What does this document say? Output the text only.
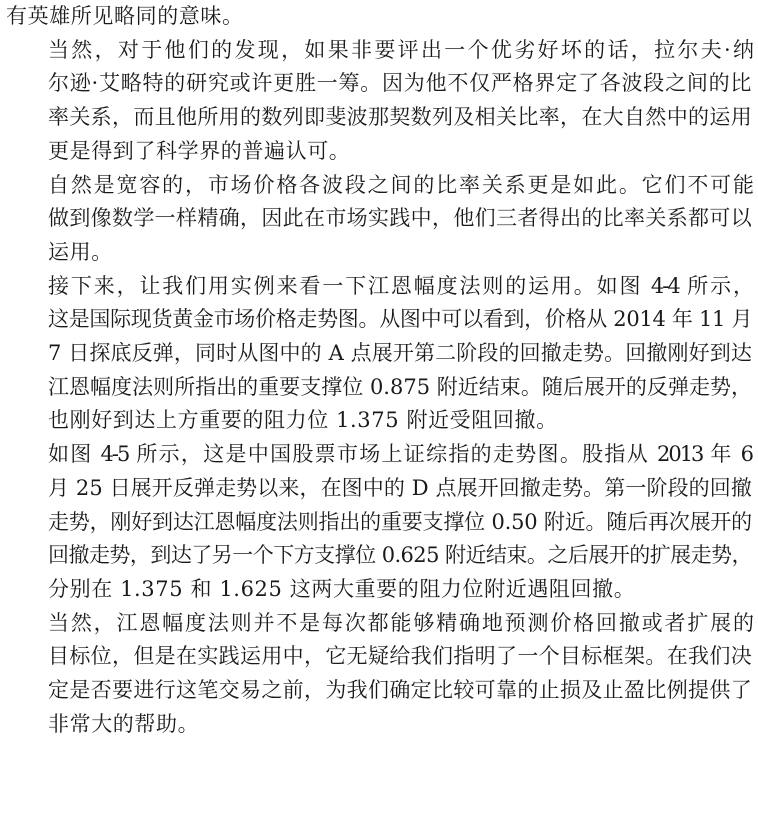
有英雄所见略同的意味。

当然，对于他们的发现，如果非要评出一个优劣好坏的话，拉尔夫·纳
尔逊·艾略特的研究或许更胜一筹。因为他不仅严格界定了各波段之间的比
率关系，而且他所用的数列即斐波那契数列及相关比率，在大自然中的运用
更是得到了科学界的普遍认可。

自然是宽容的，市场价格各波段之间的比率关系更是如此。它们不可能
做到像数学一样精确，因此在市场实践中，他们三者得出的比率关系都可以
运用。

接下来，让我们用实例来看一下江恩幅度法则的运用。如图 4-4 所示，
这是国际现货黄金市场价格走势图。从图中可以看到，价格从 2014 年 11 月
7 日探底反弹，同时从图中的 A 点展开第二阶段的回撤走势。回撤刚好到达
江恩幅度法则所指出的重要支撑位 0.875 附近结束。随后展开的反弹走势，
也刚好到达上方重要的阻力位 1.375 附近受阻回撤。

如图 4-5 所示，这是中国股票市场上证综指的走势图。股指从 2013 年 6
月 25 日展开反弹走势以来，在图中的 D 点展开回撤走势。第一阶段的回撤
走势，刚好到达江恩幅度法则指出的重要支撑位 0.50 附近。随后再次展开的
回撤走势，到达了另一个下方支撑位 0.625 附近结束。之后展开的扩展走势，
分别在 1.375 和 1.625 这两大重要的阻力位附近遇阻回撤。

当然，江恩幅度法则并不是每次都能够精确地预测价格回撤或者扩展的
目标位，但是在实践运用中，它无疑给我们指明了一个目标框架。在我们决
定是否要进行这笔交易之前，为我们确定比较可靠的止损及止盈比例提供了
非常大的帮助。
